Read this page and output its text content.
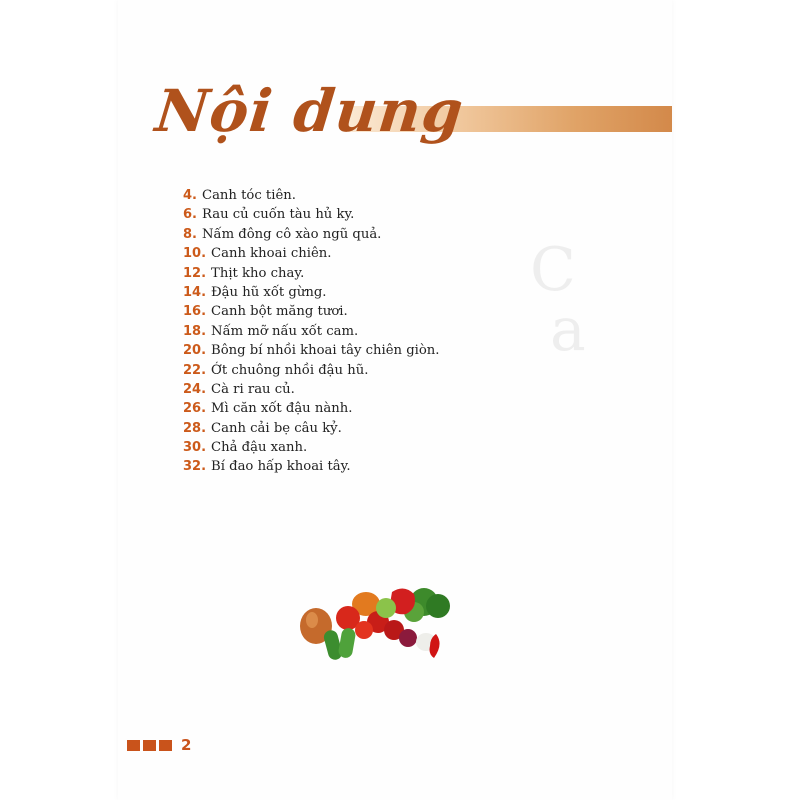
Nội dung
C
a
4. Canh tóc tiên.
6. Rau củ cuốn tàu hủ ky.
8. Nấm đông cô xào ngũ quả.
10. Canh khoai chiên.
12. Thịt kho chay.
14. Đậu hũ xốt gừng.
16. Canh bột măng tươi.
18. Nấm mỡ nấu xốt cam.
20. Bông bí nhồi khoai tây chiên giòn.
22. Ớt chuông nhồi đậu hũ.
24. Cà ri rau củ.
26. Mì căn xốt đậu nành.
28. Canh cải bẹ câu kỷ.
30. Chả đậu xanh.
32. Bí đao hấp khoai tây.
2
